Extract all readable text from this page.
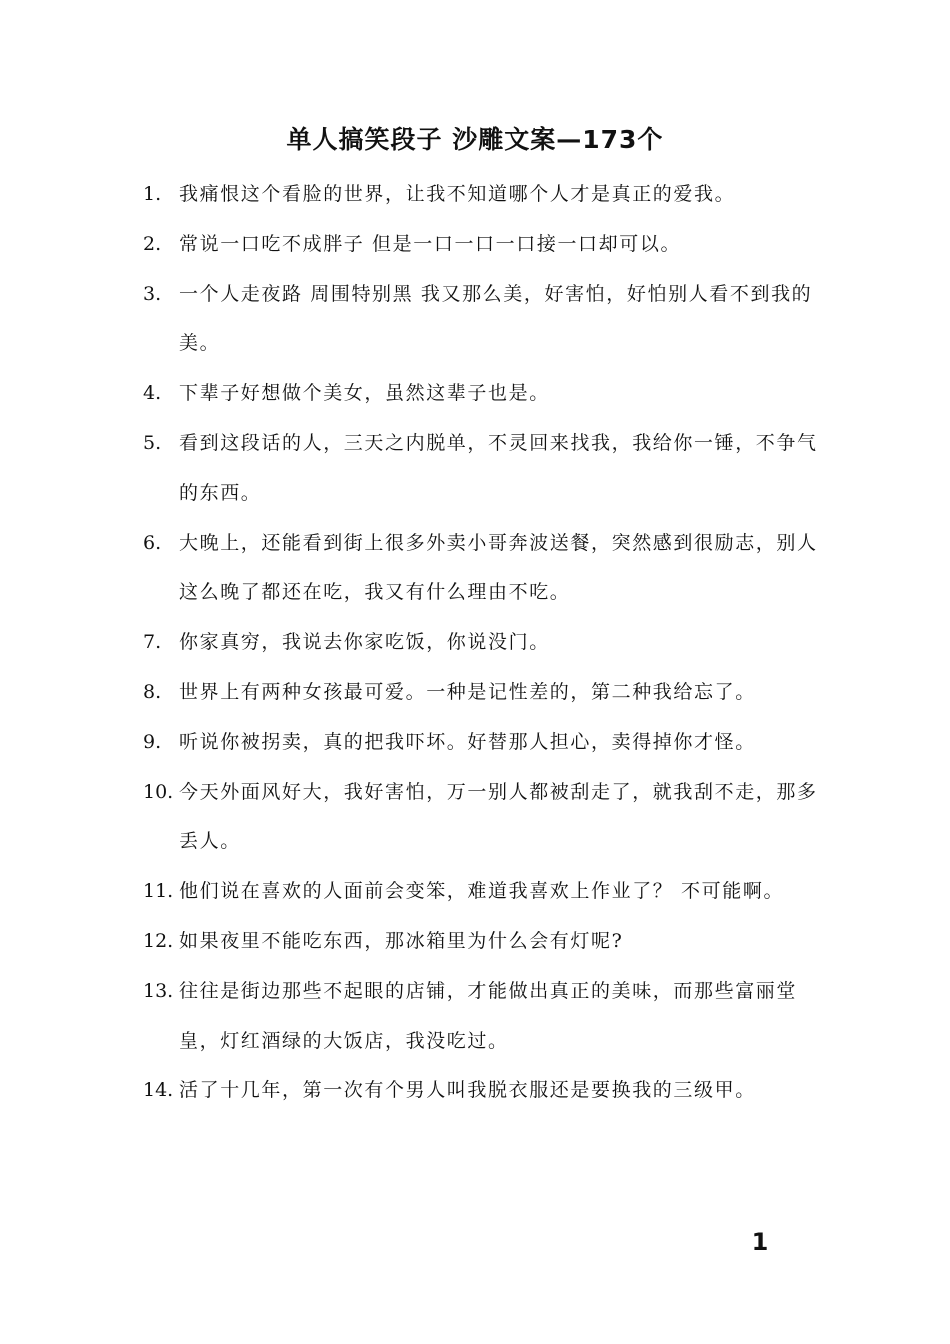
单人搞笑段子 沙雕文案—173个
1. 我痛恨这个看脸的世界，让我不知道哪个人才是真正的爱我。
2. 常说一口吃不成胖子 但是一口一口一口接一口却可以。
3. 一个人走夜路 周围特别黑 我又那么美，好害怕，好怕别人看不到我的美。
4. 下辈子好想做个美女，虽然这辈子也是。
5. 看到这段话的人，三天之内脱单，不灵回来找我，我给你一锤，不争气的东西。
6. 大晚上，还能看到街上很多外卖小哥奔波送餐，突然感到很励志，别人这么晚了都还在吃，我又有什么理由不吃。
7. 你家真穷，我说去你家吃饭，你说没门。
8. 世界上有两种女孩最可爱。一种是记性差的，第二种我给忘了。
9. 听说你被拐卖，真的把我吓坏。好替那人担心，卖得掉你才怪。
10. 今天外面风好大，我好害怕，万一别人都被刮走了，就我刮不走，那多丢人。
11. 他们说在喜欢的人面前会变笨，难道我喜欢上作业了？ 不可能啊。
12. 如果夜里不能吃东西，那冰箱里为什么会有灯呢?
13. 往往是街边那些不起眼的店铺，才能做出真正的美味，而那些富丽堂皇，灯红酒绿的大饭店，我没吃过。
14. 活了十几年，第一次有个男人叫我脱衣服还是要换我的三级甲。
1
